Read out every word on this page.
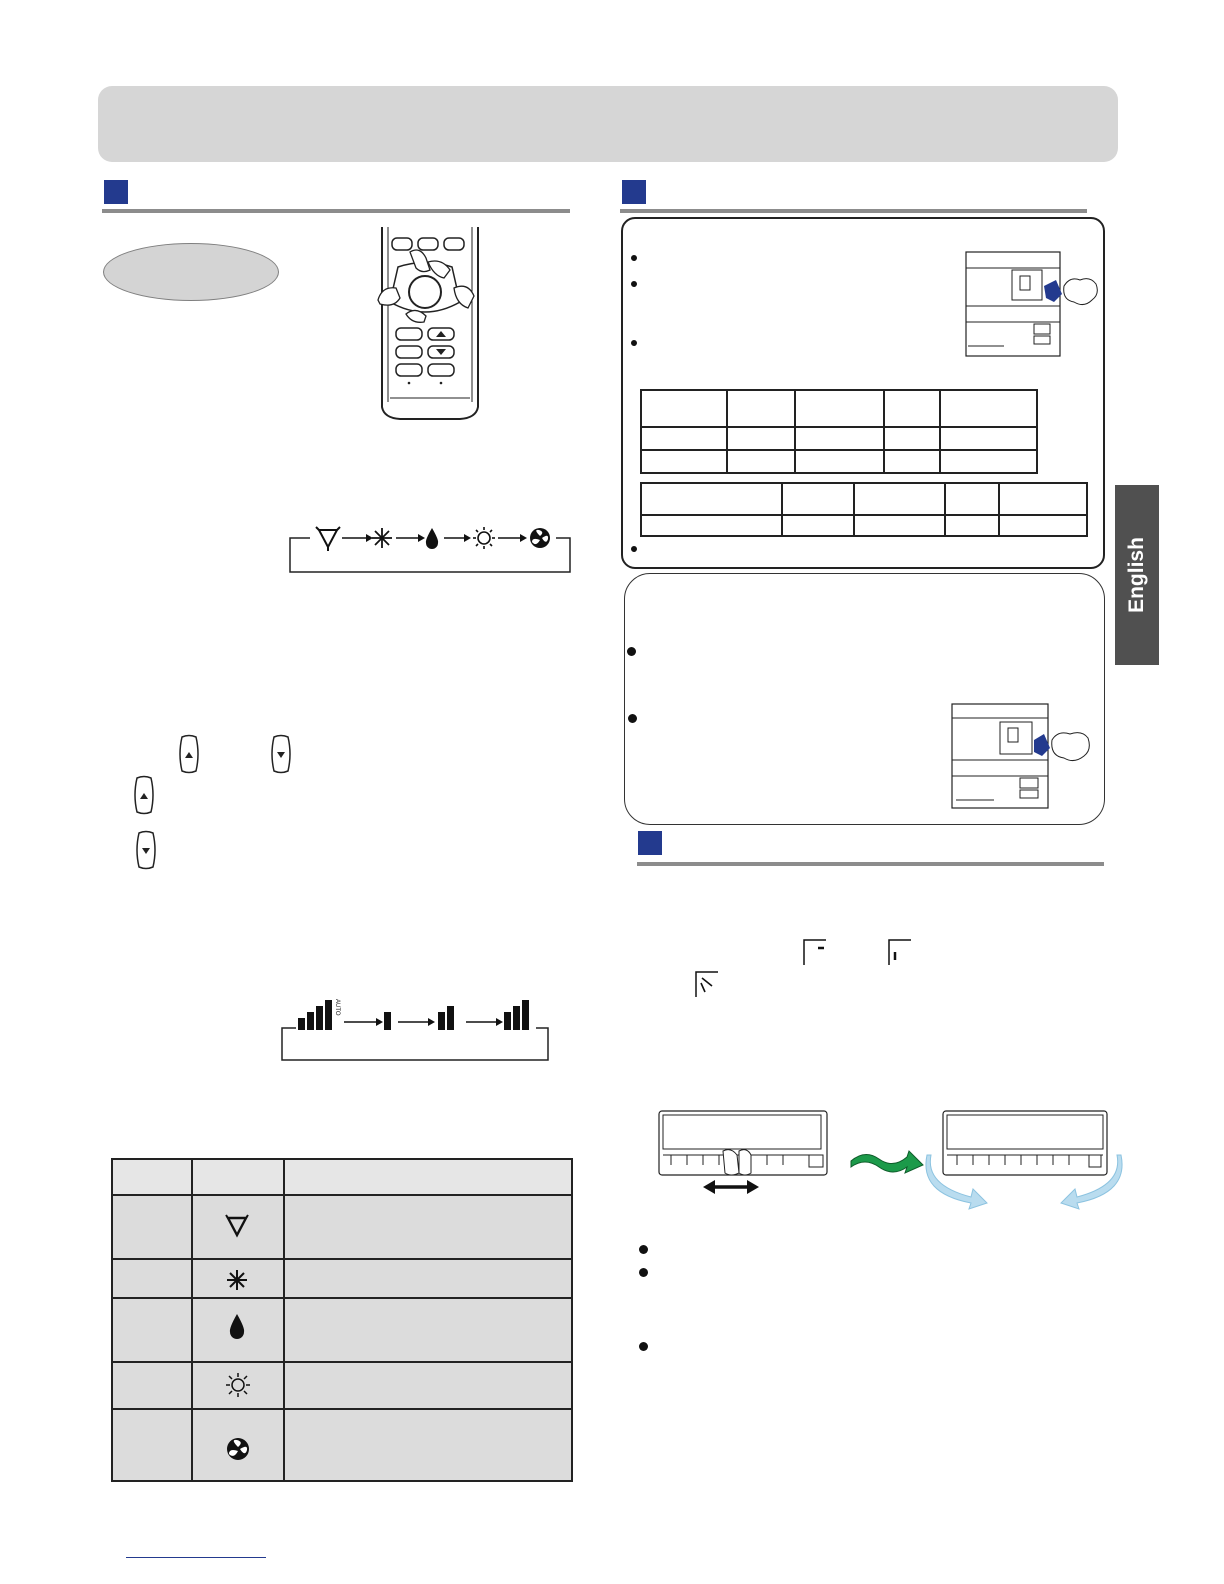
AUTO

English
